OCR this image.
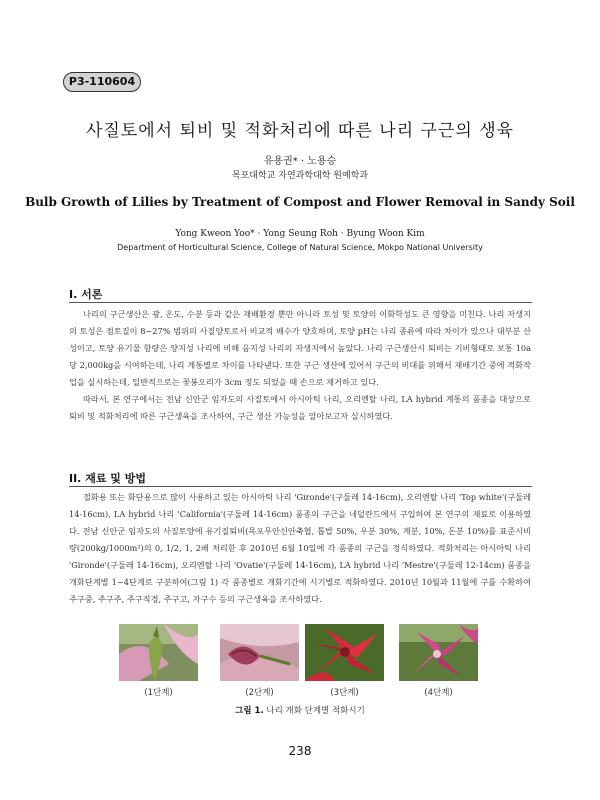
P3-110604
사질토에서 퇴비 및 적화처리에 따른 나리 구근의 생육
유용권* · 노용승
목포대학교 자연과학대학 원예학과
Bulb Growth of Lilies by Treatment of Compost and Flower Removal in Sandy Soil
Yong Kweon Yoo* · Yong Seung Roh · Byung Woon Kim
Department of Horticultural Science, College of Natural Science, Mokpo National University
I. 서론

나리의 구근생산은 광, 온도, 수분 등과 같은 재배환경 뿐만 아니라 토성 및 토양의 이화학성도 큰 영향을 미친다. 나리 자생지의 토성은 점토질이 8~27% 범위의 사질양토로서 비교적 배수가 양호하며, 토양 pH는 나리 종류에 따라 차이가 있으나 대부분 산성이고, 토양 유기물 함량은 양지성 나리에 비해 음지성 나리의 자생지에서 높았다. 나리 구근생산시 퇴비는 기비형태로 보통 10a당 2,000kg을 시여하는데, 나리 계통별로 차이를 나타낸다. 또한 구근 생산에 있어서 구근의 비대를 위해서 재배기간 중에 적화작업을 실시하는데, 일반적으로는 꽃봉오리가 3cm 정도 되었을 때 손으로 제거하고 있다.

따라서, 본 연구에서는 전남 신안군 임자도의 사질토에서 아시아틱 나리, 오리엔탈 나리, LA hybrid 계통의 품종을 대상으로 퇴비 및 적화처리에 따른 구근생육을 조사하여, 구근 생산 가능성을 알아보고자 실시하였다.

II. 재료 및 방법

절화용 또는 화단용으로 많이 사용하고 있는 아시아틱 나리 'Gironde'(구둘레 14-16cm), 오리엔탈 나리 'Top white'(구둘레 14-16cm), LA hybrid 나리 'California'(구둘레 14-16cm) 품종의 구근을 네덜란드에서 구입하여 본 연구의 재료로 이용하였다. 전남 신안군 임자도의 사질토양에 유기질퇴비(목포무안신안축협, 톱밥 50%, 우분 30%, 계분, 10%, 돈분 10%)를 표준시비량(200kg/1000m²)의 0, 1/2, 1, 2배 처리한 후 2010년 6월 10일에 각 품종의 구근을 정식하였다. 적화처리는 아시아틱 나리 'Gironde'(구둘레 14-16cm), 오리엔탈 나리 'Ovatie'(구둘레 14-16cm), LA hybrid 나리 'Mestre'(구둘레 12-14cm) 품종을 개화단계별 1~4단계로 구분하여(그림 1) 각 품종별로 개화기간에 시기별로 적화하였다. 2010년 10월과 11월에 구를 수확하여 주구중, 주구주, 주구직경, 주구고, 자구수 등의 구근생육을 조사하였다.

(1단계)	(2단계)	(3단계)	(4단계)
그림 1. 나리 개화 단계별 적화시기
238
